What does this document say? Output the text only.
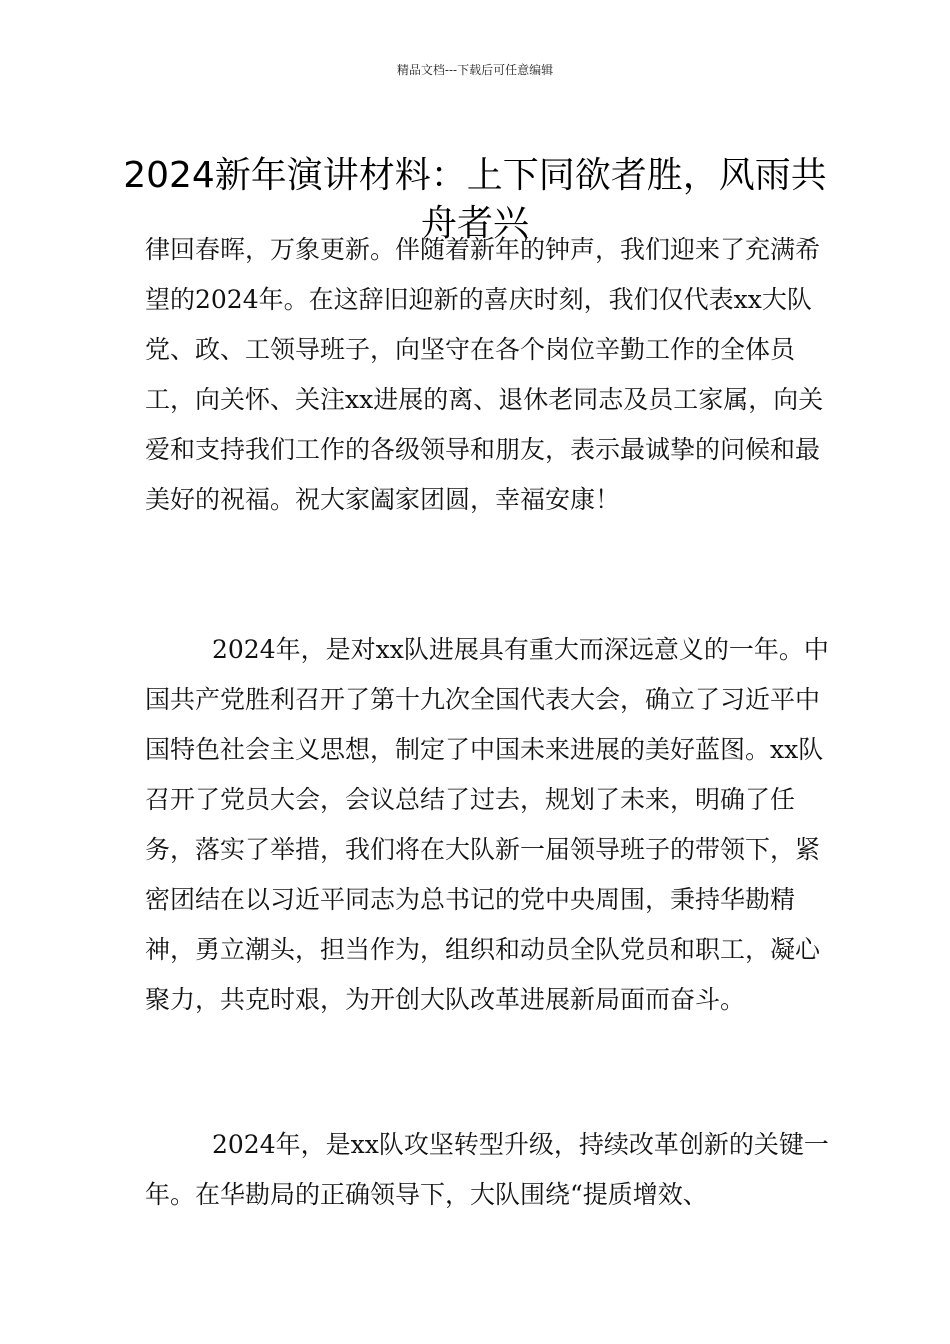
精品文档---下载后可任意编辑
2024新年演讲材料：上下同欲者胜，风雨共舟者兴

律回春晖，万象更新。伴随着新年的钟声，我们迎来了充满希望的2024年。在这辞旧迎新的喜庆时刻，我们仅代表xx大队党、政、工领导班子，向坚守在各个岗位辛勤工作的全体员工，向关怀、关注xx进展的离、退休老同志及员工家属，向关爱和支持我们工作的各级领导和朋友，表示最诚挚的问候和最美好的祝福。祝大家阖家团圆，幸福安康！

2024年，是对xx队进展具有重大而深远意义的一年。中国共产党胜利召开了第十九次全国代表大会，确立了习近平中国特色社会主义思想，制定了中国未来进展的美好蓝图。xx队召开了党员大会，会议总结了过去，规划了未来，明确了任务，落实了举措，我们将在大队新一届领导班子的带领下，紧密团结在以习近平同志为总书记的党中央周围，秉持华勘精神，勇立潮头，担当作为，组织和动员全队党员和职工，凝心聚力，共克时艰，为开创大队改革进展新局面而奋斗。

2024年，是xx队攻坚转型升级，持续改革创新的关键一年。在华勘局的正确领导下，大队围绕“提质增效、
